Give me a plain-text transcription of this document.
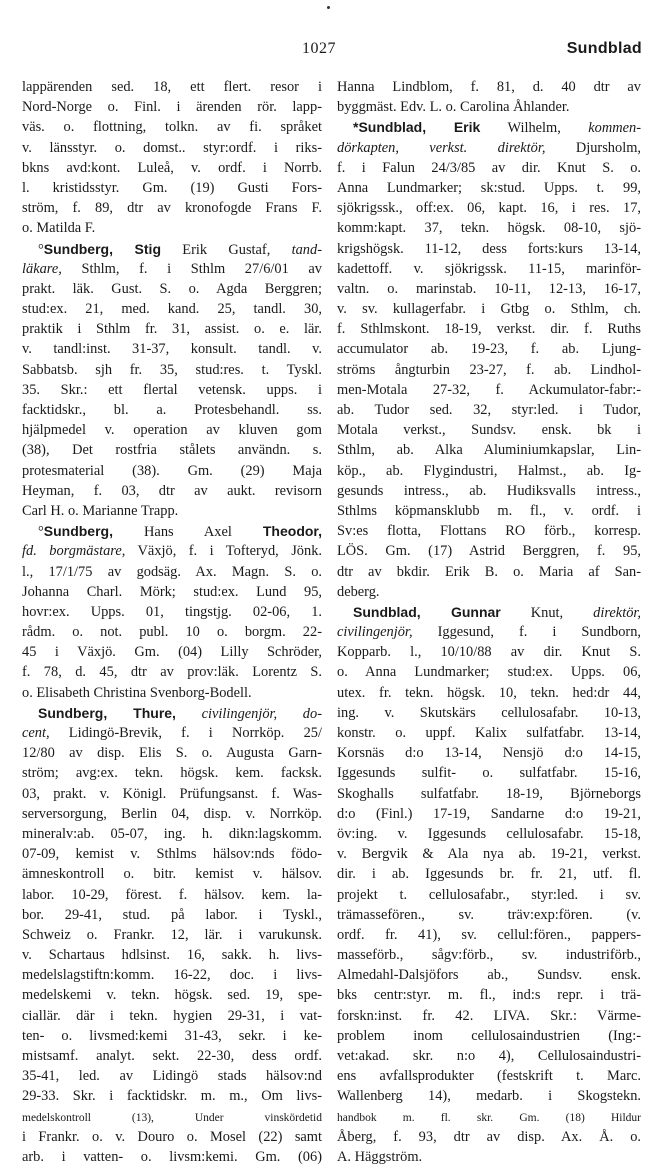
1027	Sundblad
lappärenden sed. 18, ett flert. resor i
Nord-Norge o. Finl. i ärenden rör. lapp-
väs. o. flottning, tolkn. av fi. språket
v. länsstyr. o. domst.. styr:ordf. i riks-
bkns avd:kont. Luleå, v. ordf. i Norrb.
l. kristidsstyr. Gm. (19) Gusti Fors-
ström, f. 89, dtr av kronofogde Frans F.
o. Matilda F.
°Sundberg, Stig Erik Gustaf, tand-
läkare, Sthlm, f. i Sthlm 27/6/01 av
prakt. läk. Gust. S. o. Agda Berggren;
stud:ex. 21, med. kand. 25, tandl. 30,
praktik i Sthlm fr. 31, assist. o. e. lär.
v. tandl:inst. 31-37, konsult. tandl. v.
Sabbatsb. sjh fr. 35, stud:res. t. Tyskl.
35. Skr.: ett flertal vetensk. upps. i
facktidskr., bl. a. Protesbehandl. ss.
hjälpmedel v. operation av kluven gom
(38), Det rostfria stålets användn. s.
protesmaterial (38). Gm. (29) Maja
Heyman, f. 03, dtr av aukt. revisorn
Carl H. o. Marianne Trapp.
°Sundberg, Hans Axel Theodor,
fd. borgmästare, Växjö, f. i Tofteryd, Jönk.
l., 17/1/75 av godsäg. Ax. Magn. S. o.
Johanna Charl. Mörk; stud:ex. Lund 95,
hovr:ex. Upps. 01, tingstjg. 02-06, 1.
rådm. o. not. publ. 10 o. borgm. 22-
45 i Växjö. Gm. (04) Lilly Schröder,
f. 78, d. 45, dtr av prov:läk. Lorentz S.
o. Elisabeth Christina Svenborg-Bodell.
Sundberg, Thure, civilingenjör, do-
cent, Lidingö-Brevik, f. i Norrköp. 25/
12/80 av disp. Elis S. o. Augusta Garn-
ström; avg:ex. tekn. högsk. kem. facksk.
03, prakt. v. Königl. Prüfungsanst. f. Was-
serversorgung, Berlin 04, disp. v. Norrköp.
mineralv:ab. 05-07, ing. h. dikn:lagskomm.
07-09, kemist v. Sthlms hälsov:nds födo-
ämneskontroll o. bitr. kemist v. hälsov.
labor. 10-29, förest. f. hälsov. kem. la-
bor. 29-41, stud. på labor. i Tyskl.,
Schweiz o. Frankr. 12, lär. i varukunsk.
v. Schartaus hdlsinst. 16, sakk. h. livs-
medelslagstiftn:komm. 16-22, doc. i livs-
medelskemi v. tekn. högsk. sed. 19, spe-
ciallär. där i tekn. hygien 29-31, i vat-
ten- o. livsmed:kemi 31-43, sekr. i ke-
mistsamf. analyt. sekt. 22-30, dess ordf.
35-41, led. av Lidingö stads hälsov:nd
29-33. Skr. i facktidskr. m. m., Om livs-
medelskontroll (13), Under vinskördetid
i Frankr. o. v. Douro o. Mosel (22) samt
arb. i vatten- o. livsm:kemi. Gm. (06)
Hanna Lindblom, f. 81, d. 40 dtr av
byggmäst. Edv. L. o. Carolina Åhlander.
*Sundblad, Erik Wilhelm, kommen-
dörkapten, verkst. direktör, Djursholm,
f. i Falun 24/3/85 av dir. Knut S. o.
Anna Lundmarker; sk:stud. Upps. t. 99,
sjökrigssk., off:ex. 06, kapt. 16, i res. 17,
komm:kapt. 37, tekn. högsk. 08-10, sjö-
krigshögsk. 11-12, dess forts:kurs 13-14,
kadettoff. v. sjökrigssk. 11-15, marinför-
valtn. o. marinstab. 10-11, 12-13, 16-17,
v. sv. kullagerfabr. i Gtbg o. Sthlm, ch.
f. Sthlmskont. 18-19, verkst. dir. f. Ruths
accumulator ab. 19-23, f. ab. Ljung-
ströms ångturbin 23-27, f. ab. Lindhol-
men-Motala 27-32, f. Ackumulator-fabr:-
ab. Tudor sed. 32, styr:led. i Tudor,
Motala verkst., Sundsv. ensk. bk i
Sthlm, ab. Alka Aluminiumkapslar, Lin-
köp., ab. Flygindustri, Halmst., ab. Ig-
gesunds intress., ab. Hudiksvalls intress.,
Sthlms köpmansklubb m. fl., v. ordf. i
Sv:es flotta, Flottans RO förb., korresp.
LÖS. Gm. (17) Astrid Berggren, f. 95,
dtr av bkdir. Erik B. o. Maria af San-
deberg.
Sundblad, Gunnar Knut, direktör,
civilingenjör, Iggesund, f. i Sundborn,
Kopparb. l., 10/10/88 av dir. Knut S.
o. Anna Lundmarker; stud:ex. Upps. 06,
utex. fr. tekn. högsk. 10, tekn. hed:dr 44,
ing. v. Skutskärs cellulosafabr. 10-13,
konstr. o. uppf. Kalix sulfatfabr. 13-14,
Korsnäs d:o 13-14, Nensjö d:o 14-15,
Iggesunds sulfit- o. sulfatfabr. 15-16,
Skoghalls sulfatfabr. 18-19, Björneborgs
d:o (Finl.) 17-19, Sandarne d:o 19-21,
öv:ing. v. Iggesunds cellulosafabr. 15-18,
v. Bergvik & Ala nya ab. 19-21, verkst.
dir. i ab. Iggesunds br. fr. 21, utf. fl.
projekt t. cellulosafabr., styr:led. i sv.
trämassefören., sv. träv:exp:fören. (v.
ordf. fr. 41), sv. cellul:fören., pappers-
masseförb., sågv:förb., sv. industriförb.,
Almedahl-Dalsjöfors ab., Sundsv. ensk.
bks centr:styr. m. fl., ind:s repr. i trä-
forskn:inst. fr. 42. LIVA. Skr.: Värme-
problem inom cellulosaindustrien (Ing:-
vet:akad. skr. n:o 4), Cellulosaindustri-
ens avfallsprodukter (festskrift t. Marc.
Wallenberg 14), medarb. i Skogstekn.
handbok m. fl. skr. Gm. (18) Hildur
Åberg, f. 93, dtr av disp. Ax. Å. o.
A. Häggström.
